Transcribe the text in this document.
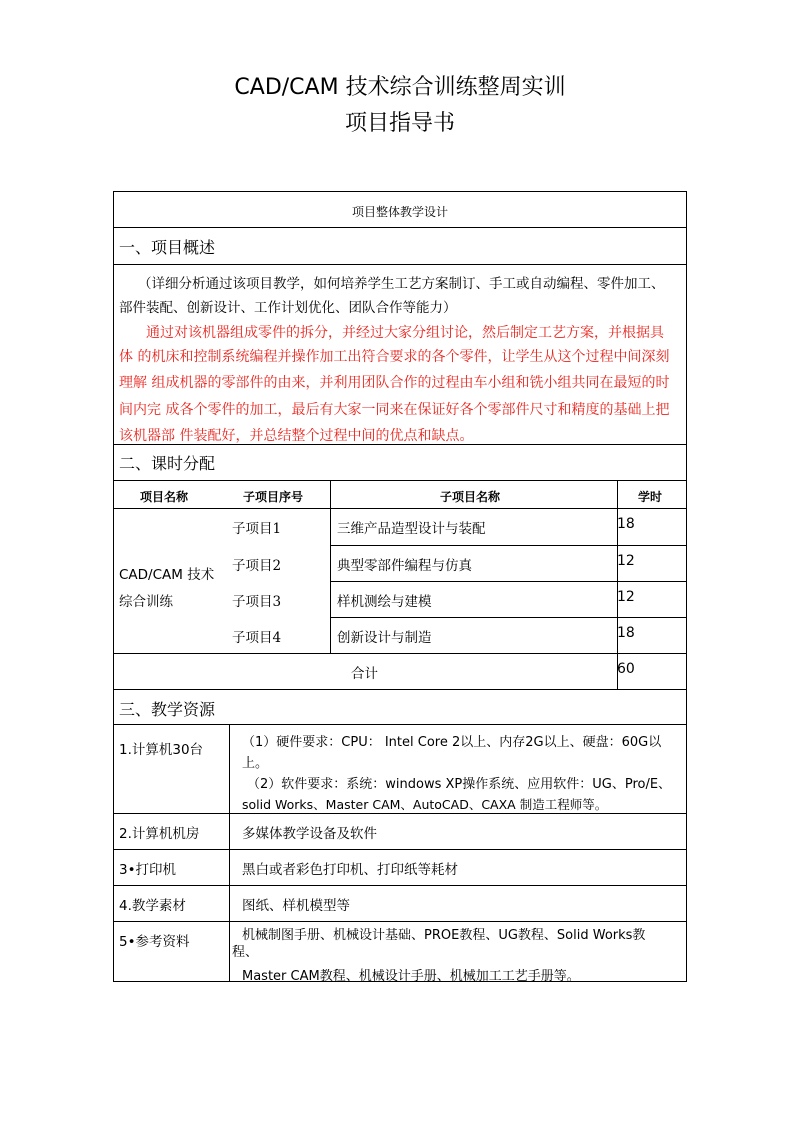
CAD/CAM 技术综合训练整周实训
项目指导书
项目整体教学设计
一、项目概述
（详细分析通过该项目教学，如何培养学生工艺方案制订、手工或自动编程、零件加工、
部件装配、创新设计、工作计划优化、团队合作等能力）
通过对该机器组成零件的拆分，并经过大家分组讨论，然后制定工艺方案，并根据具
体 的机床和控制系统编程并操作加工出符合要求的各个零件，让学生从这个过程中间深刻
理解 组成机器的零部件的由来，并利用团队合作的过程由车小组和铣小组共同在最短的时
间内完 成各个零件的加工，最后有大家一同来在保证好各个零部件尺寸和精度的基础上把
该机器部 件装配好，并总结整个过程中间的优点和缺点。
二、课时分配
项目名称	子项目序号	子项目名称	学时
CAD/CAM 技术
综合训练
子项目1	三维产品造型设计与装配	18
子项目2	典型零部件编程与仿真	12
子项目3	样机测绘与建模	12
子项目4	创新设计与制造	18
合计	60
三、教学资源
1.计算机30台	（1）硬件要求：CPU： Intel Core 2以上、内存2G以上、硬盘：60G以
上。
（2）软件要求：系统：windows XP操作系统、应用软件：UG、Pro/E、
solid Works、Master CAM、AutoCAD、CAXA 制造工程师等。
2.计算机机房	多媒体教学设备及软件
3•打印机	黑白或者彩色打印机、打印纸等耗材
4.教学素材	图纸、样机模型等
5•参考资料	机械制图手册、机械设计基础、PROE教程、UG教程、Solid Works教
程、
Master CAM教程、机械设计手册、机械加工工艺手册等。
